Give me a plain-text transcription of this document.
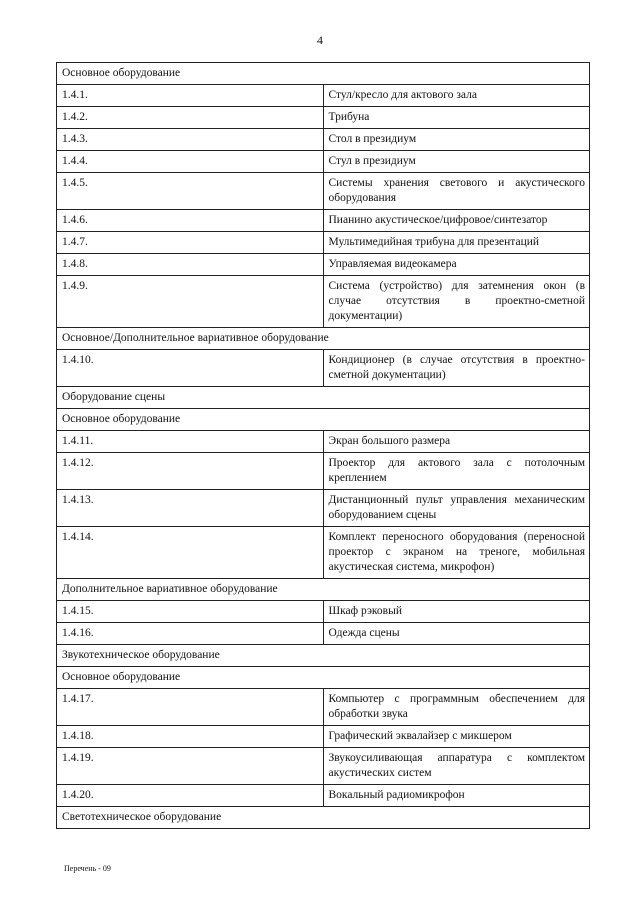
4
Основное оборудование	
1.4.1.	Стул/кресло для актового зала
1.4.2.	Трибуна
1.4.3.	Стол в президиум
1.4.4.	Стул в президиум
1.4.5.	Системы хранения светового и акустического оборудования
1.4.6.	Пианино акустическое/цифровое/синтезатор
1.4.7.	Мультимедийная трибуна для презентаций
1.4.8.	Управляемая видеокамера
1.4.9.	Система (устройство) для затемнения окон (в случае отсутствия в проектно-сметной документации)
Основное/Дополнительное вариативное оборудование	
1.4.10.	Кондиционер (в случае отсутствия в проектно-сметной документации)
Оборудование сцены	
Основное оборудование	
1.4.11.	Экран большого размера
1.4.12.	Проектор для актового зала с потолочным креплением
1.4.13.	Дистанционный пульт управления механическим оборудованием сцены
1.4.14.	Комплект переносного оборудования (переносной проектор с экраном на треноге, мобильная акустическая система, микрофон)
Дополнительное вариативное оборудование	
1.4.15.	Шкаф рэковый
1.4.16.	Одежда сцены
Звукотехническое оборудование	
Основное оборудование	
1.4.17.	Компьютер с программным обеспечением для обработки звука
1.4.18.	Графический эквалайзер с микшером
1.4.19.	Звукоусиливающая аппаратура с комплектом акустических систем
1.4.20.	Вокальный радиомикрофон
Светотехническое оборудование	
Перечень - 09
